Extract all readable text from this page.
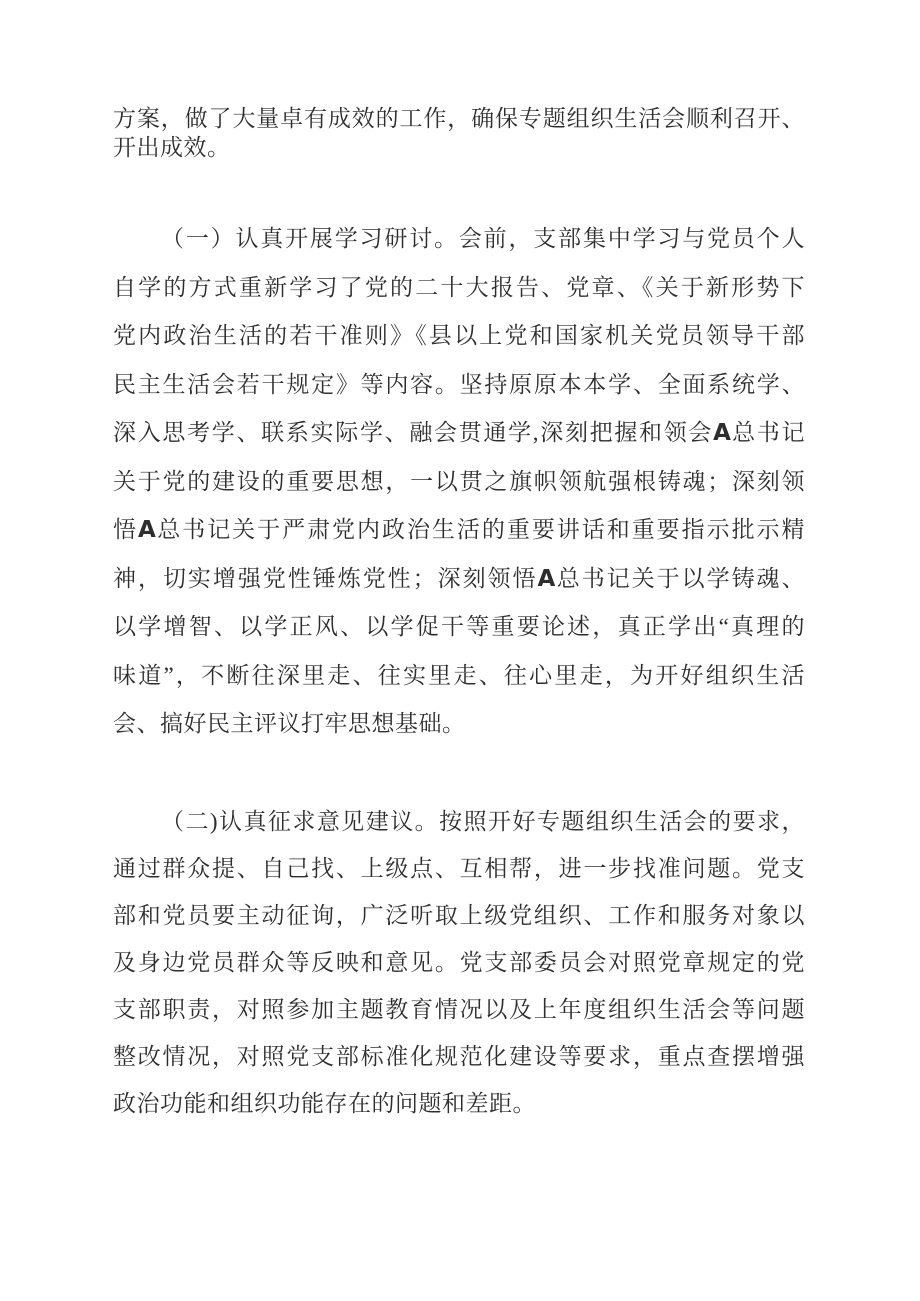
方案，做了大量卓有成效的工作，确保专题组织生活会顺利召开、
开出成效。
（一）认真开展学习研讨。会前，支部集中学习与党员个人
自学的方式重新学习了党的二十大报告、党章、《关于新形势下
党内政治生活的若干准则》《县以上党和国家机关党员领导干部
民主生活会若干规定》等内容。坚持原原本本学、全面系统学、
深入思考学、联系实际学、融会贯通学,深刻把握和领会A总书记
关于党的建设的重要思想，一以贯之旗帜领航强根铸魂；深刻领
悟A总书记关于严肃党内政治生活的重要讲话和重要指示批示精
神，切实增强党性锤炼党性；深刻领悟A总书记关于以学铸魂、
以学增智、以学正风、以学促干等重要论述，真正学出“真理的
味道”，不断往深里走、往实里走、往心里走，为开好组织生活
会、搞好民主评议打牢思想基础。
（二)认真征求意见建议。按照开好专题组织生活会的要求，
通过群众提、自己找、上级点、互相帮，进一步找准问题。党支
部和党员要主动征询，广泛听取上级党组织、工作和服务对象以
及身边党员群众等反映和意见。党支部委员会对照党章规定的党
支部职责，对照参加主题教育情况以及上年度组织生活会等问题
整改情况，对照党支部标准化规范化建设等要求，重点查摆增强
政治功能和组织功能存在的问题和差距。
